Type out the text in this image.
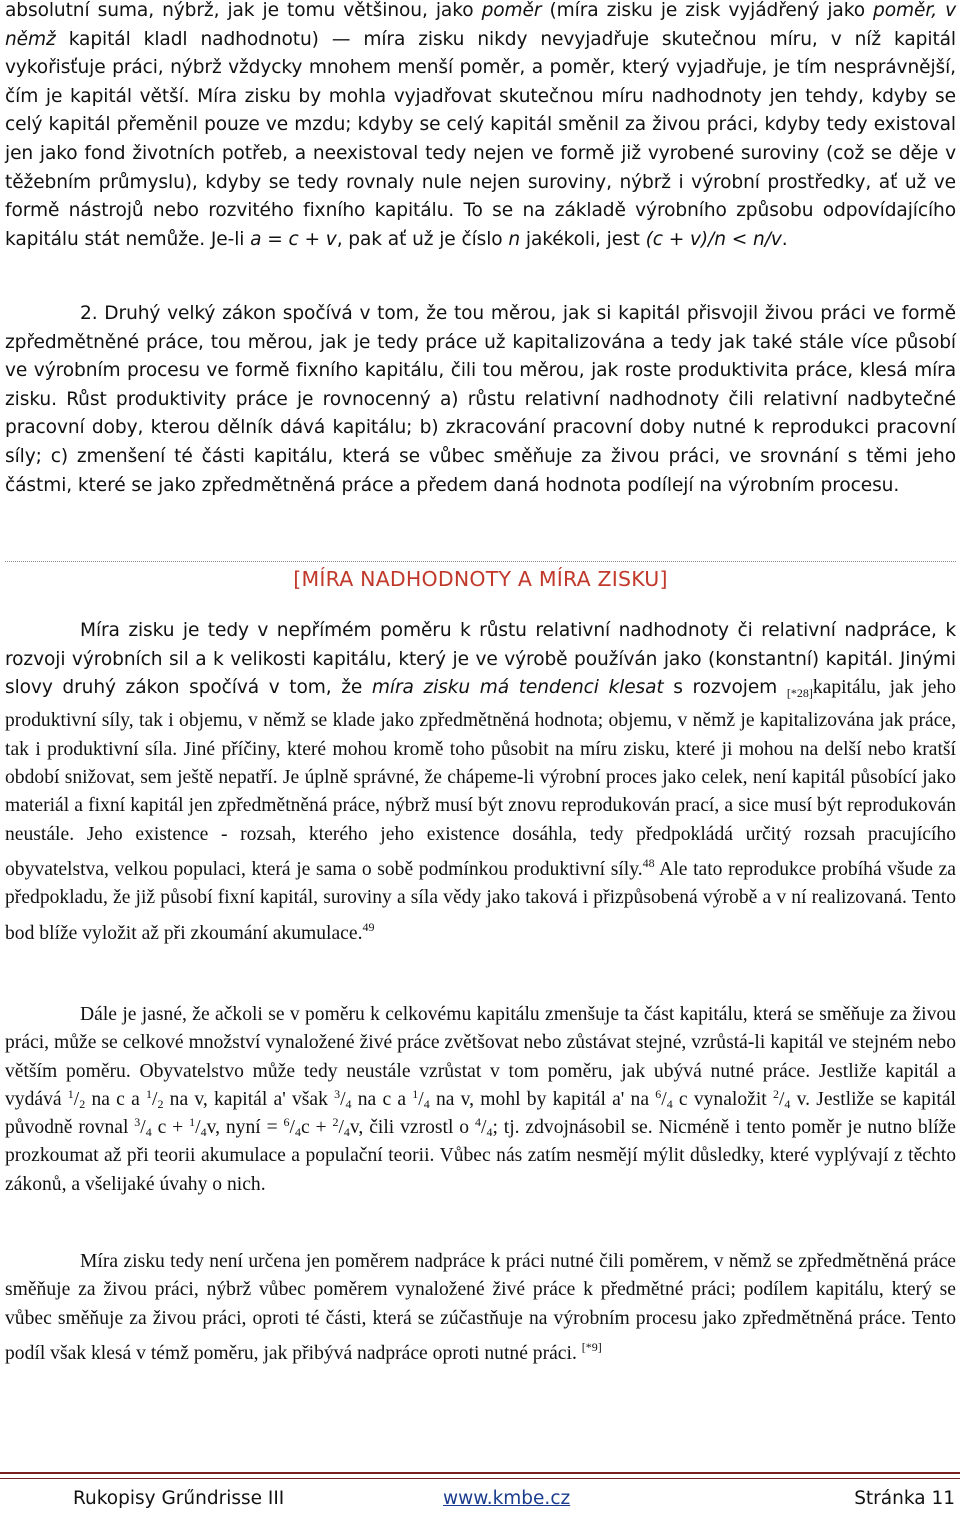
absolutní suma, nýbrž, jak je tomu většinou, jako poměr (míra zisku je zisk vyjádřený jako poměr, v němž kapitál kladl nadhodnotu) — míra zisku nikdy nevyjadřuje skutečnou míru, v níž kapitál vykořisťuje práci, nýbrž vždycky mnohem menší poměr, a poměr, který vyjadřuje, je tím nesprávnější, čím je kapitál větší. Míra zisku by mohla vyjadřovat skutečnou míru nadhodnoty jen tehdy, kdyby se celý kapitál přeměnil pouze ve mzdu; kdyby se celý kapitál směnil za živou práci, kdyby tedy existoval jen jako fond životních potřeb, a neexistoval tedy nejen ve formě již vyrobené suroviny (což se děje v těžebním průmyslu), kdyby se tedy rovnaly nule nejen suroviny, nýbrž i výrobní prostředky, ať už ve formě nástrojů nebo rozvitého fixního kapitálu. To se na základě výrobního způsobu odpovídajícího kapitálu stát nemůže. Je-li a = c + v, pak ať už je číslo n jakékoli, jest (c + v)/n < n/v.
2. Druhý velký zákon spočívá v tom, že tou měrou, jak si kapitál přisvojil živou práci ve formě zpředmětněné práce, tou měrou, jak je tedy práce už kapitalizována a tedy jak také stále více působí ve výrobním procesu ve formě fixního kapitálu, čili tou měrou, jak roste produktivita práce, klesá míra zisku. Růst produktivity práce je rovnocenný a) růstu relativní nadhodnoty čili relativní nadbytečné pracovní doby, kterou dělník dává kapitálu; b) zkracování pracovní doby nutné k reprodukci pracovní síly; c) zmenšení té části kapitálu, která se vůbec směňuje za živou práci, ve srovnání s těmi jeho částmi, které se jako zpředmětněná práce a předem daná hodnota podílejí na výrobním procesu.
[MÍRA NADHODNOTY A MÍRA ZISKU]
Míra zisku je tedy v nepřímém poměru k růstu relativní nadhodnoty či relativní nadpráce, k rozvoji výrobních sil a k velikosti kapitálu, který je ve výrobě používán jako (konstantní) kapitál. Jinými slovy druhý zákon spočívá v tom, že míra zisku má tendenci klesat s rozvojem $_{[*28]}$kapitálu, jak jeho produktivní síly, tak i objemu, v němž se klade jako zpředmětněná hodnota; objemu, v němž je kapitalizována jak práce, tak i produktivní síla. Jiné příčiny, které mohou kromě toho působit na míru zisku, které ji mohou na delší nebo kratší období snižovat, sem ještě nepatří. Je úplně správné, že chápeme-li výrobní proces jako celek, není kapitál působící jako materiál a fixní kapitál jen zpředmětněná práce, nýbrž musí být znovu reprodukován prací, a sice musí být reprodukován neustále. Jeho existence - rozsah, kterého jeho existence dosáhla, tedy předpokládá určitý rozsah pracujícího obyvatelstva, velkou populaci, která je sama o sobě podmínkou produktivní síly.$^{48}$ Ale tato reprodukce probíhá všude za předpokladu, že již působí fixní kapitál, suroviny a síla vědy jako taková i přizpůsobená výrobě a v ní realizovaná. Tento bod blíže vyložit až při zkoumání akumulace.$^{49}$
Dále je jasné, že ačkoli se v poměru k celkovému kapitálu zmenšuje ta část kapitálu, která se směňuje za živou práci, může se celkové množství vynaložené živé práce zvětšovat nebo zůstávat stejné, vzrůstá-li kapitál ve stejném nebo větším poměru. Obyvatelstvo může tedy neustále vzrůstat v tom poměru, jak ubývá nutné práce. Jestliže kapitál a vydává $^1/_2$ na c a $^1/_2$ na v, kapitál a' však $^3/_4$ na c a $^1/_4$ na v, mohl by kapitál a' na $^6/_4$ c vynaložit $^2/_4$ v. Jestliže se kapitál původně rovnal $^3/_4$ $c + ^1/_4v$, nyní = $^6/_4c + ^2/_4v$, čili vzrostl o $^4/_4$; tj. zdvojnásobil se. Nicméně i tento poměr je nutno blíže prozkoumat až při teorii akumulace a populační teorii. Vůbec nás zatím nesmějí mýlit důsledky, které vyplývají z těchto zákonů, a všelijaké úvahy o nich.
Míra zisku tedy není určena jen poměrem nadpráce k práci nutné čili poměrem, v němž se zpředmětněná práce směňuje za živou práci, nýbrž vůbec poměrem vynaložené živé práce k předmětné práci; podílem kapitálu, který se vůbec směňuje za živou práci, oproti té části, která se zúčastňuje na výrobním procesu jako zpředmětněná práce. Tento podíl však klesá v témž poměru, jak přibývá nadpráce oproti nutné práci. [*9]
Rukopisy Grűndrisse III	www.kmbe.cz	Stránka 11
